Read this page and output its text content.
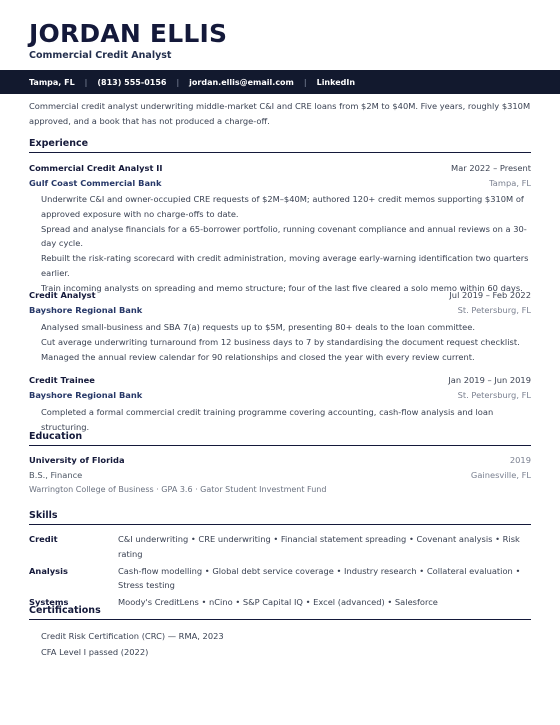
JORDAN ELLIS
Commercial Credit Analyst
Tampa, FL | (813) 555-0156 | jordan.ellis@email.com | LinkedIn
Commercial credit analyst underwriting middle-market C&I and CRE loans from $2M to $40M. Five years, roughly $310M approved, and a book that has not produced a charge-off.
Experience
Commercial Credit Analyst II	Mar 2022 – Present
Gulf Coast Commercial Bank	Tampa, FL
Underwrite C&I and owner-occupied CRE requests of $2M–$40M; authored 120+ credit memos supporting $310M of approved exposure with no charge-offs to date.
Spread and analyse financials for a 65-borrower portfolio, running covenant compliance and annual reviews on a 30-day cycle.
Rebuilt the risk-rating scorecard with credit administration, moving average early-warning identification two quarters earlier.
Train incoming analysts on spreading and memo structure; four of the last five cleared a solo memo within 60 days.
Credit Analyst	Jul 2019 – Feb 2022
Bayshore Regional Bank	St. Petersburg, FL
Analysed small-business and SBA 7(a) requests up to $5M, presenting 80+ deals to the loan committee.
Cut average underwriting turnaround from 12 business days to 7 by standardising the document request checklist.
Managed the annual review calendar for 90 relationships and closed the year with every review current.
Credit Trainee	Jan 2019 – Jun 2019
Bayshore Regional Bank	St. Petersburg, FL
Completed a formal commercial credit training programme covering accounting, cash-flow analysis and loan structuring.
Education
University of Florida	2019
B.S., Finance	Gainesville, FL
Warrington College of Business · GPA 3.6 · Gator Student Investment Fund
Skills
Credit	C&I underwriting • CRE underwriting • Financial statement spreading • Covenant analysis • Risk rating
Analysis	Cash-flow modelling • Global debt service coverage • Industry research • Collateral evaluation • Stress testing
Systems	Moody's CreditLens • nCino • S&P Capital IQ • Excel (advanced) • Salesforce
Certifications
Credit Risk Certification (CRC) — RMA, 2023
CFA Level I passed (2022)
